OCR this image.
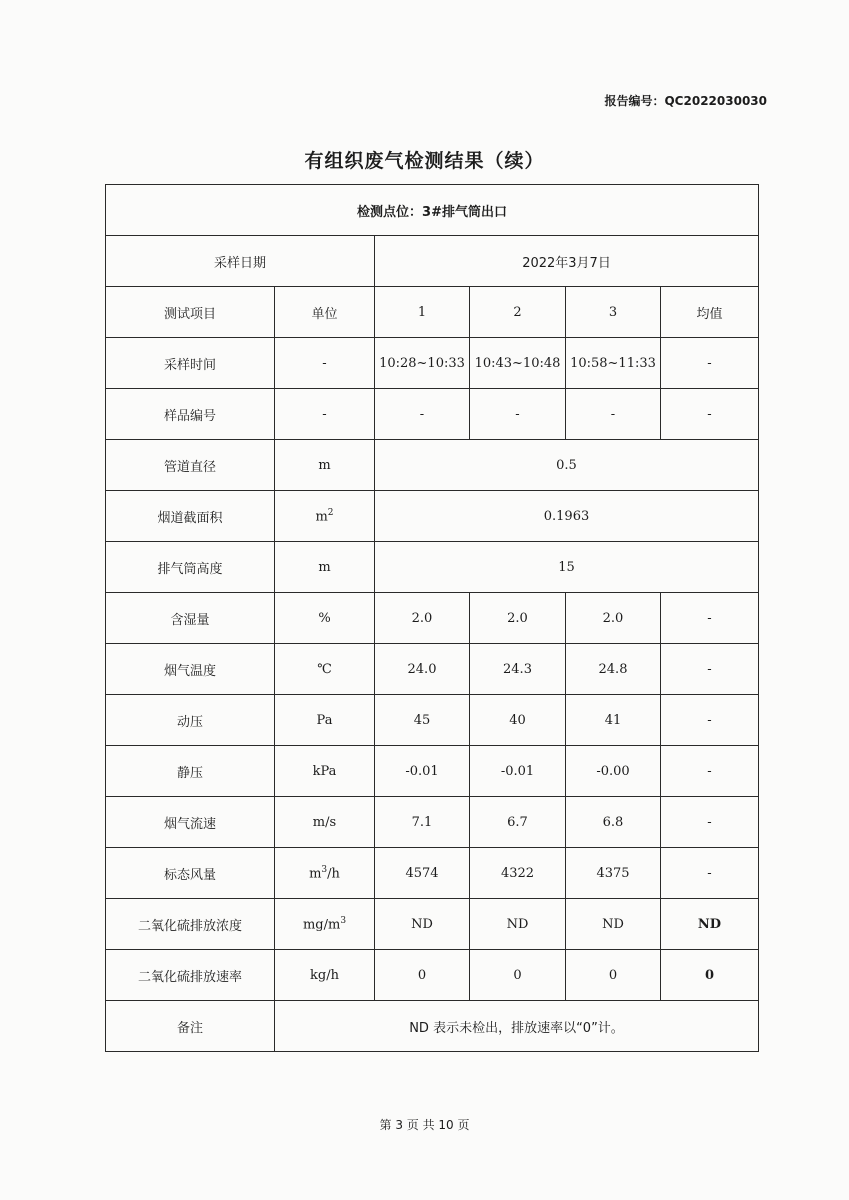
报告编号：QC2022030030
有组织废气检测结果（续）
检测点位：3#排气筒出口					
采样日期		2022年3月7日			
测试项目	单位	1	2	3	均值
采样时间	-	10:28~10:33	10:43~10:48	10:58~11:33	-
样品编号	-	-	-	-	-
管道直径	m	0.5			
烟道截面积	$m^2$	0.1963			
排气筒高度	m	15			
含湿量	%	2.0	2.0	2.0	-
烟气温度	℃	24.0	24.3	24.8	-
动压	Pa	45	40	41	-
静压	kPa	-0.01	-0.01	-0.00	-
烟气流速	m/s	7.1	6.7	6.8	-
标态风量	$m^3/h$	4574	4322	4375	-
二氧化硫排放浓度	$mg/m^3$	ND	ND	ND	ND
二氧化硫排放速率	kg/h	0	0	0	0
备注	ND 表示未检出，排放速率以“0”计。				
第 3 页 共 10 页
